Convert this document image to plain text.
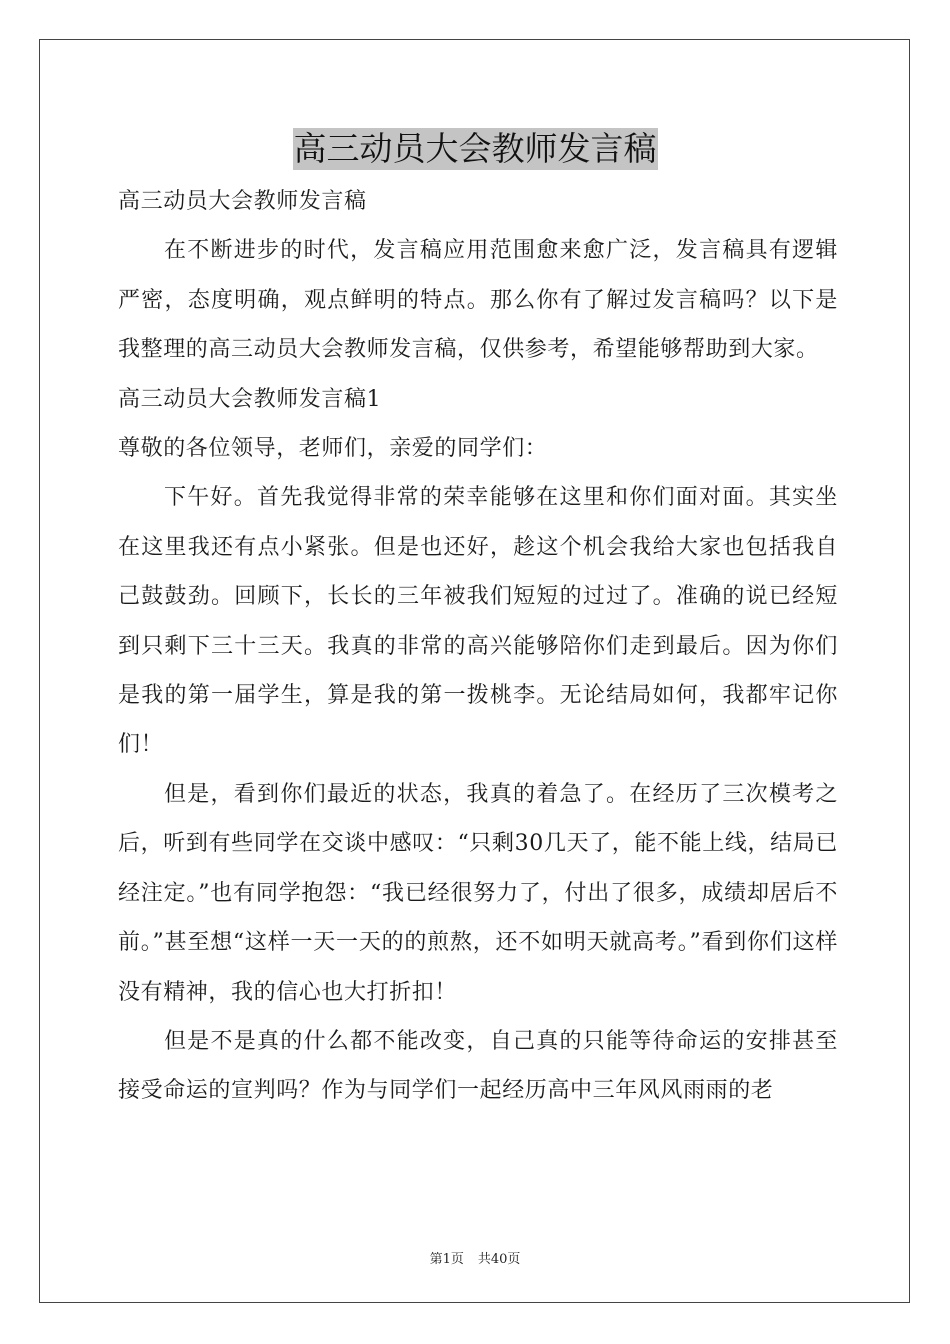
高三动员大会教师发言稿

高三动员大会教师发言稿

在不断进步的时代，发言稿应用范围愈来愈广泛，发言稿具有逻辑严密，态度明确，观点鲜明的特点。那么你有了解过发言稿吗？以下是我整理的高三动员大会教师发言稿，仅供参考，希望能够帮助到大家。

高三动员大会教师发言稿1

尊敬的各位领导，老师们，亲爱的同学们：

下午好。首先我觉得非常的荣幸能够在这里和你们面对面。其实坐在这里我还有点小紧张。但是也还好，趁这个机会我给大家也包括我自己鼓鼓劲。回顾下，长长的三年被我们短短的过过了。准确的说已经短到只剩下三十三天。我真的非常的高兴能够陪你们走到最后。因为你们是我的第一届学生，算是我的第一拨桃李。无论结局如何，我都牢记你们！

但是，看到你们最近的状态，我真的着急了。在经历了三次模考之后，听到有些同学在交谈中感叹：“只剩30几天了，能不能上线，结局已经注定。”也有同学抱怨：“我已经很努力了，付出了很多，成绩却居后不前。”甚至想“这样一天一天的的煎熬，还不如明天就高考。”看到你们这样没有精神，我的信心也大打折扣！

但是不是真的什么都不能改变，自己真的只能等待命运的安排甚至接受命运的宣判吗？作为与同学们一起经历高中三年风风雨雨的老

第1页 共40页
